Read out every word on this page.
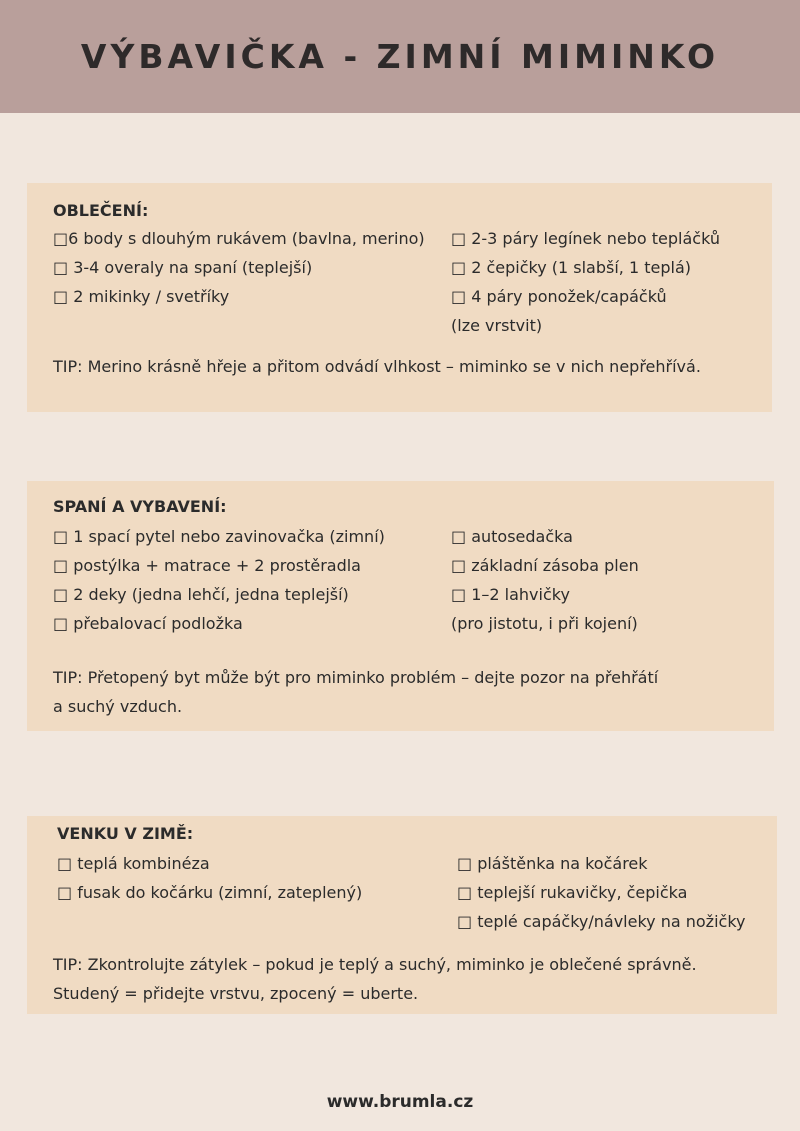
VÝBAVIČKA - ZIMNÍ MIMINKO
OBLEČENÍ:
□6 body s dlouhým rukávem (bavlna, merino)
□ 3-4 overaly na spaní (teplejší)
□ 2 mikinky / svetříky
□ 2-3 páry legínek nebo tepláčků
□ 2 čepičky (1 slabší, 1 teplá)
□ 4 páry ponožek/capáčků
(lze vrstvit)
TIP: Merino krásně hřeje a přitom odvádí vlhkost – miminko se v nich nepřehřívá.
SPANÍ A VYBAVENÍ:
□ 1 spací pytel nebo zavinovačka (zimní)
□ postýlka + matrace + 2 prostěradla
□ 2 deky (jedna lehčí, jedna teplejší)
□ přebalovací podložka
□ autosedačka
□ základní zásoba plen
□ 1–2 lahvičky
(pro jistotu, i při kojení)
TIP: Přetopený byt může být pro miminko problém – dejte pozor na přehřátí
a suchý vzduch.
VENKU V ZIMĚ:
□ teplá kombinéza
□ fusak do kočárku (zimní, zateplený)
□ pláštěnka na kočárek
□ teplejší rukavičky, čepička
□ teplé capáčky/návleky na nožičky
TIP: Zkontrolujte zátylek – pokud je teplý a suchý, miminko je oblečené správně.
Studený = přidejte vrstvu, zpocený = uberte.
www.brumla.cz
